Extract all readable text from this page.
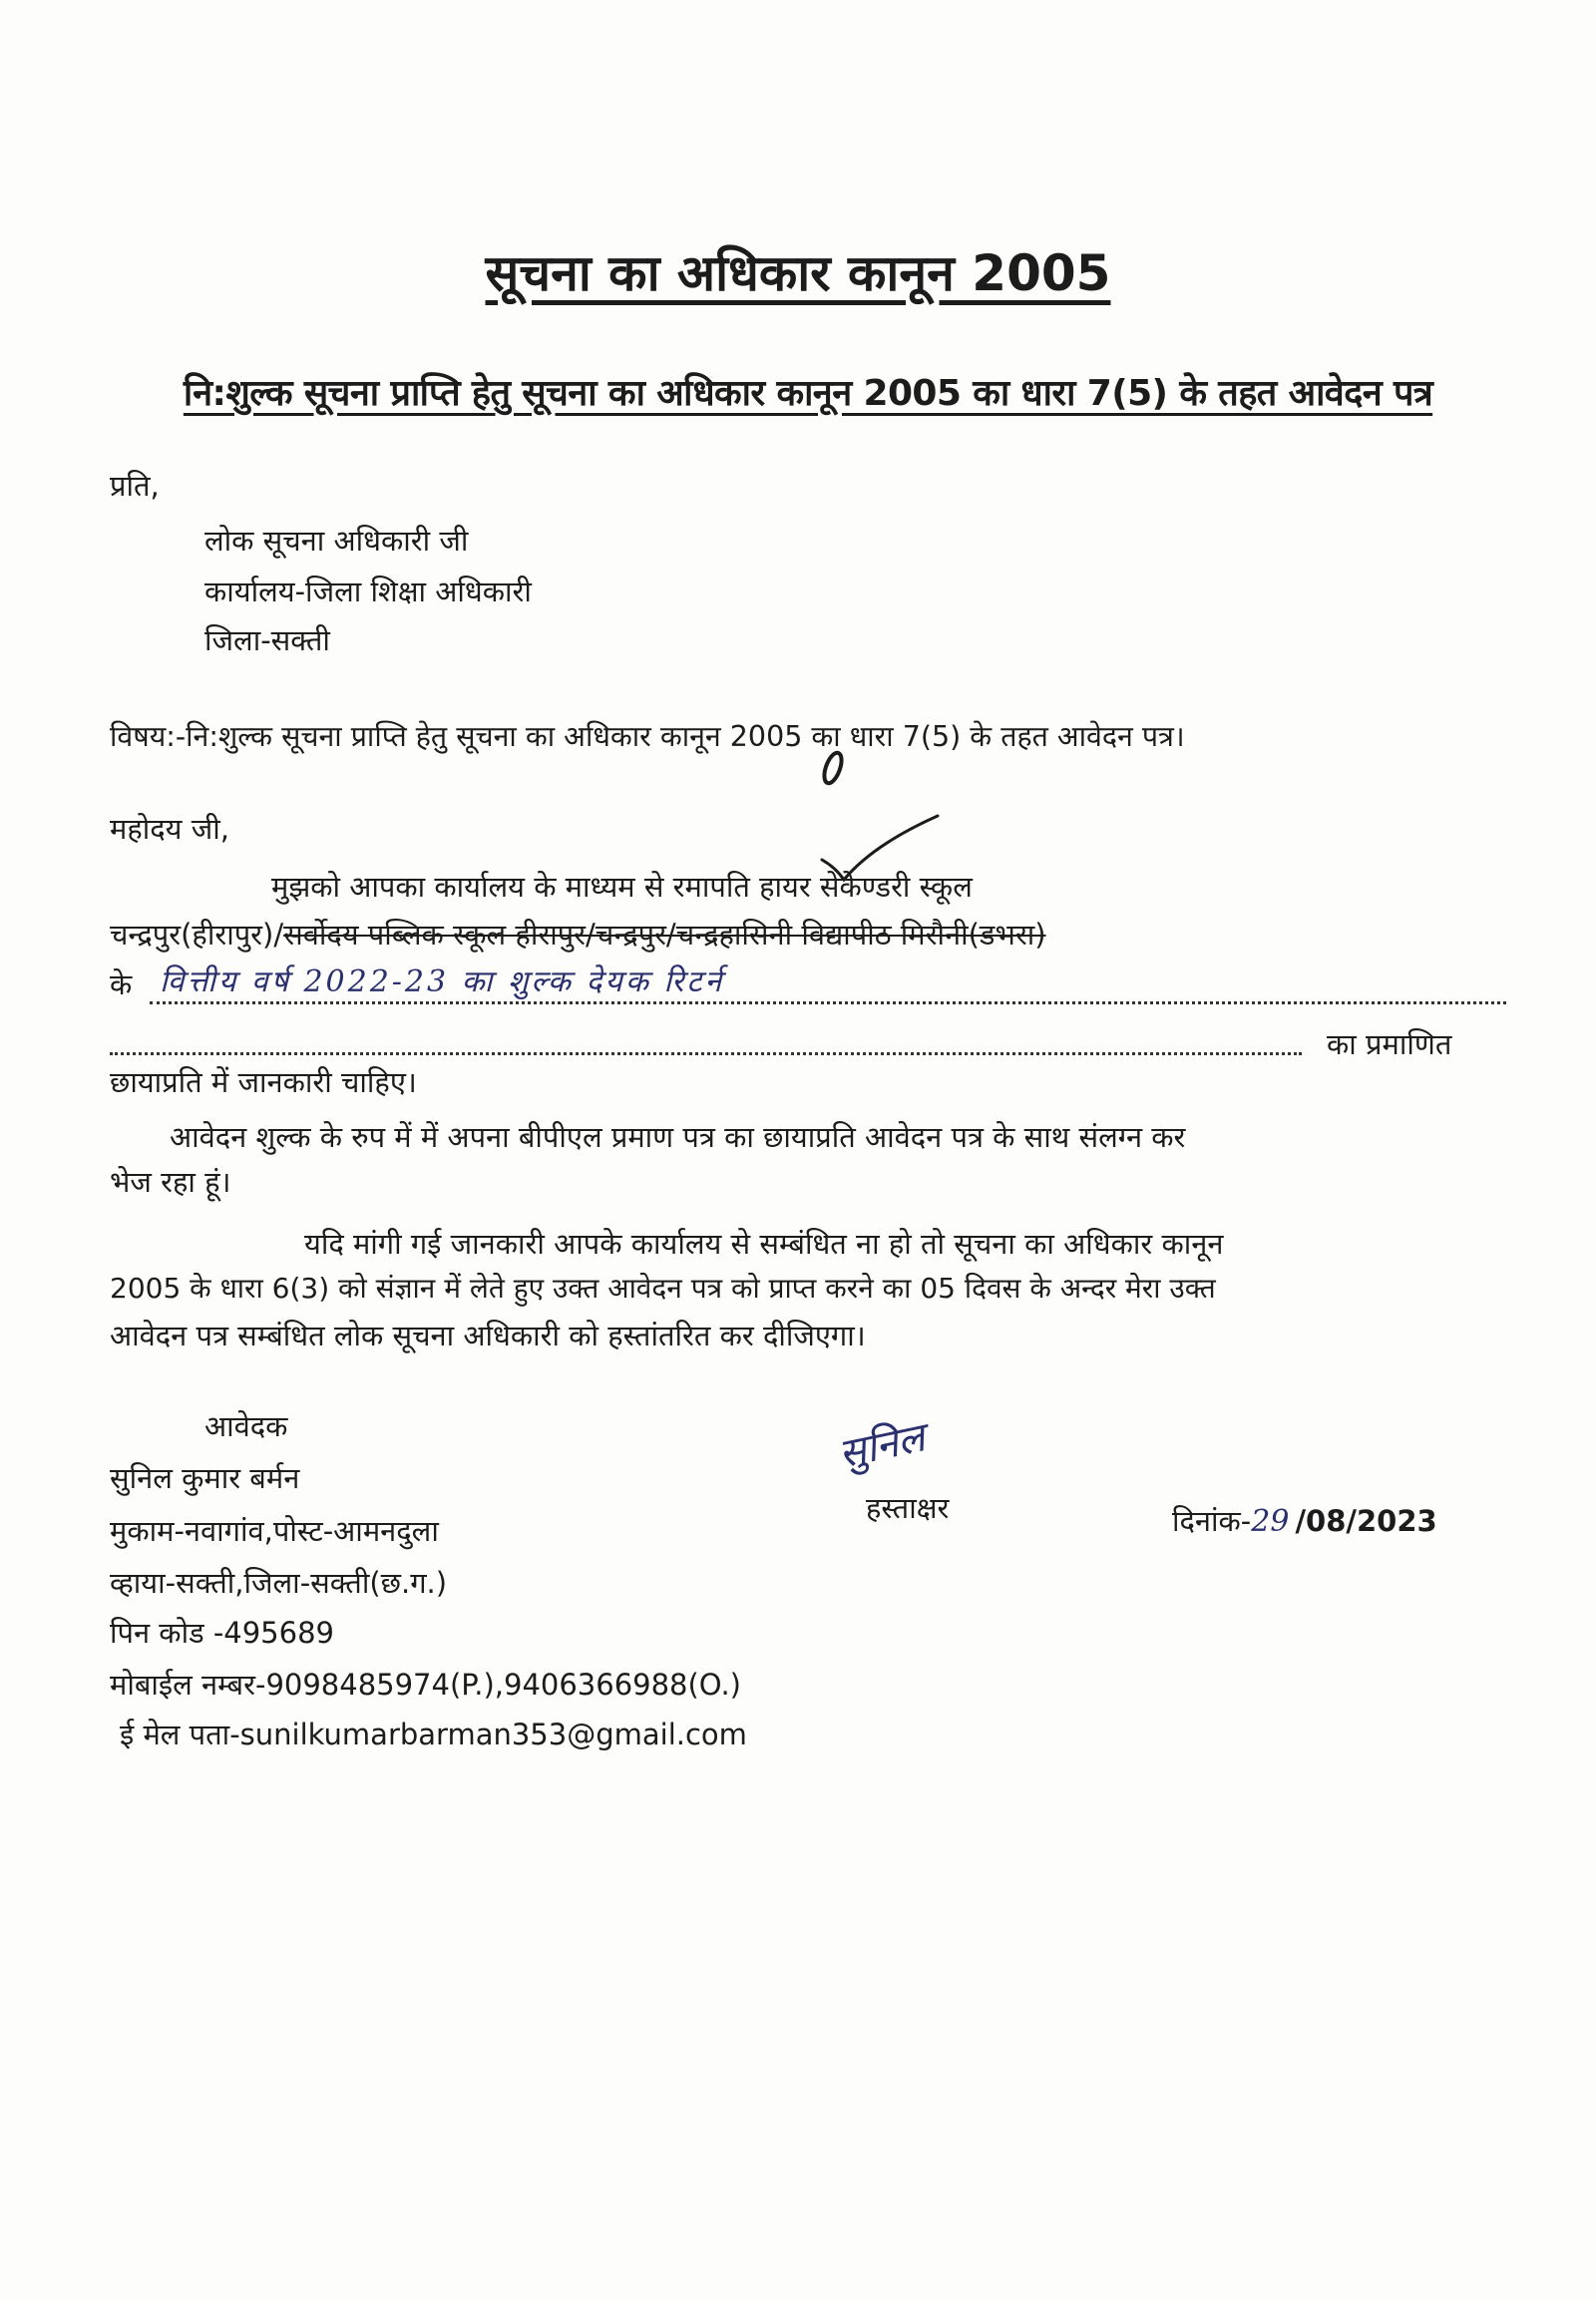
सूचना का अधिकार कानून 2005
नि:शुल्क सूचना प्राप्ति हेतु सूचना का अधिकार कानून 2005 का धारा 7(5) के तहत आवेदन पत्र
प्रति,
लोक सूचना अधिकारी जी
कार्यालय-जिला शिक्षा अधिकारी
जिला-सक्ती
विषय:-नि:शुल्क सूचना प्राप्ति हेतु सूचना का अधिकार कानून 2005 का धारा 7(5) के तहत आवेदन पत्र।
महोदय जी,
मुझको आपका कार्यालय के माध्यम से रमापति हायर सेकेण्डरी स्कूल
चन्द्रपुर(हीरापुर)/सर्वोदय पब्लिक स्कूल हीरापुर/चन्द्रपुर/चन्द्रहासिनी विद्यापीठ मिरौनी(डभरा)
के वित्तीय वर्ष 2022-23 का शुल्क देयक रिटर्न
का प्रमाणित
छायाप्रति में जानकारी चाहिए।
आवेदन शुल्क के रुप में में अपना बीपीएल प्रमाण पत्र का छायाप्रति आवेदन पत्र के साथ संलग्न कर
भेज रहा हूं।
यदि मांगी गई जानकारी आपके कार्यालय से सम्बंधित ना हो तो सूचना का अधिकार कानून
2005 के धारा 6(3) को संज्ञान में लेते हुए उक्त आवेदन पत्र को प्राप्त करने का 05 दिवस के अन्दर मेरा उक्त
आवेदन पत्र सम्बंधित लोक सूचना अधिकारी को हस्तांतरित कर दीजिएगा।
आवेदक
सुनिल कुमार बर्मन
मुकाम-नवागांव,पोस्ट-आमनदुला
व्हाया-सक्ती,जिला-सक्ती(छ.ग.)
पिन कोड -495689
मोबाईल नम्बर-9098485974(P.),9406366988(O.)
ई मेल पता-sunilkumarbarman353@gmail.com
सुनिल
हस्ताक्षर	दिनांक-29 /08/2023
